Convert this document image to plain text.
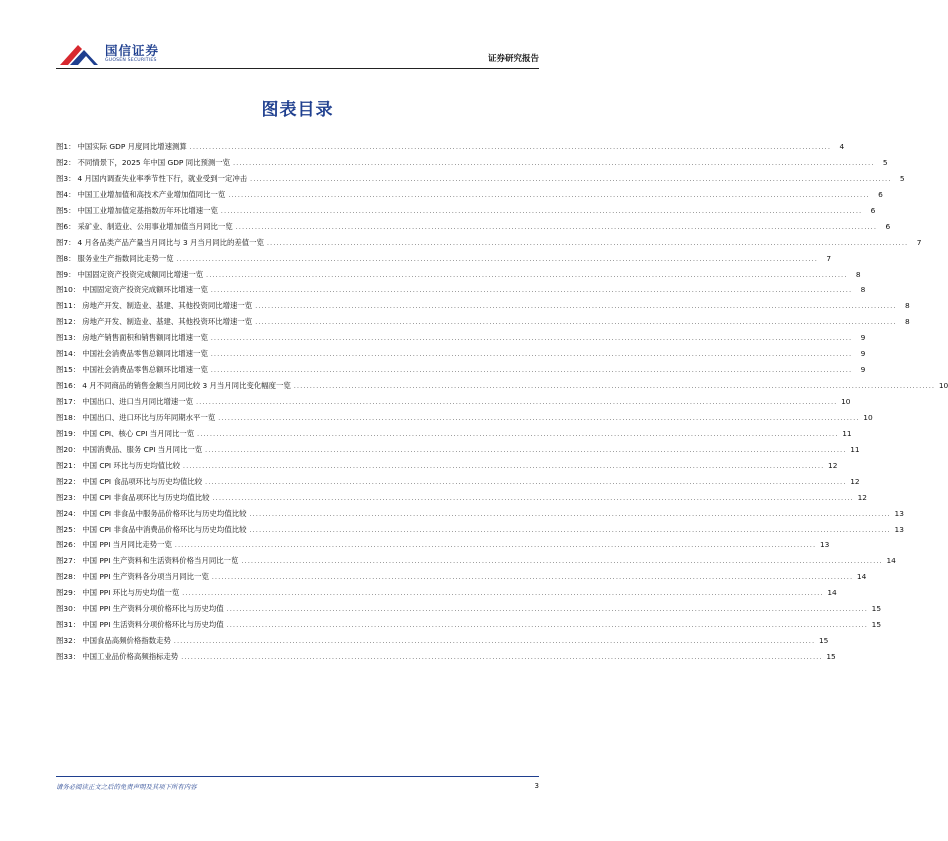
国信证券
GUOSEN SECURITIES	证券研究报告
图表目录
图1： 中国实际 GDP 月度同比增速测算 ........................................................................................................................................................................................................	4
图2： 不同情景下，2025 年中国 GDP 同比预测一览 ........................................................................................................................................................................................................	5
图3： 4 月国内调查失业率季节性下行，就业受到一定冲击 ........................................................................................................................................................................................................	5
图4： 中国工业增加值和高技术产业增加值同比一览 ........................................................................................................................................................................................................	6
图5： 中国工业增加值定基指数历年环比增速一览 ........................................................................................................................................................................................................	6
图6： 采矿业、制造业、公用事业增加值当月同比一览 ........................................................................................................................................................................................................	6
图7： 4 月各品类产品产量当月同比与 3 月当月同比的差值一览 ........................................................................................................................................................................................................	7
图8： 服务业生产指数同比走势一览 ........................................................................................................................................................................................................	7
图9： 中国固定资产投资完成额同比增速一览 ........................................................................................................................................................................................................	8
图10： 中国固定资产投资完成额环比增速一览 ........................................................................................................................................................................................................	8
图11： 房地产开发、制造业、基建、其他投资同比增速一览 ........................................................................................................................................................................................................	8
图12： 房地产开发、制造业、基建、其他投资环比增速一览 ........................................................................................................................................................................................................	8
图13： 房地产销售面积和销售额同比增速一览 ........................................................................................................................................................................................................	9
图14： 中国社会消费品零售总额同比增速一览 ........................................................................................................................................................................................................	9
图15： 中国社会消费品零售总额环比增速一览 ........................................................................................................................................................................................................	9
图16： 4 月不同商品的销售金额当月同比较 3 月当月同比变化幅度一览 ........................................................................................................................................................................................................ 10
图17： 中国出口、进口当月同比增速一览 ........................................................................................................................................................................................................ 10
图18： 中国出口、进口环比与历年同期水平一览 ........................................................................................................................................................................................................ 10
图19： 中国 CPI、核心 CPI 当月同比一览 ........................................................................................................................................................................................................ 11
图20： 中国消费品、服务 CPI 当月同比一览 ........................................................................................................................................................................................................ 11
图21： 中国 CPI 环比与历史均值比较 ........................................................................................................................................................................................................ 12
图22： 中国 CPI 食品项环比与历史均值比较 ........................................................................................................................................................................................................ 12
图23： 中国 CPI 非食品项环比与历史均值比较 ........................................................................................................................................................................................................ 12
图24： 中国 CPI 非食品中服务品价格环比与历史均值比较 ........................................................................................................................................................................................................ 13
图25： 中国 CPI 非食品中消费品价格环比与历史均值比较 ........................................................................................................................................................................................................ 13
图26： 中国 PPI 当月同比走势一览 ........................................................................................................................................................................................................ 13
图27： 中国 PPI 生产资料和生活资料价格当月同比一览 ........................................................................................................................................................................................................ 14
图28： 中国 PPI 生产资料各分项当月同比一览 ........................................................................................................................................................................................................ 14
图29： 中国 PPI 环比与历史均值一览 ........................................................................................................................................................................................................ 14
图30： 中国 PPI 生产资料分项价格环比与历史均值 ........................................................................................................................................................................................................ 15
图31： 中国 PPI 生活资料分项价格环比与历史均值 ........................................................................................................................................................................................................ 15
图32： 中国食品高频价格指数走势 ........................................................................................................................................................................................................ 15
图33： 中国工业品价格高频指标走势 ........................................................................................................................................................................................................ 15
请务必阅读正文之后的免责声明及其项下所有内容	3
